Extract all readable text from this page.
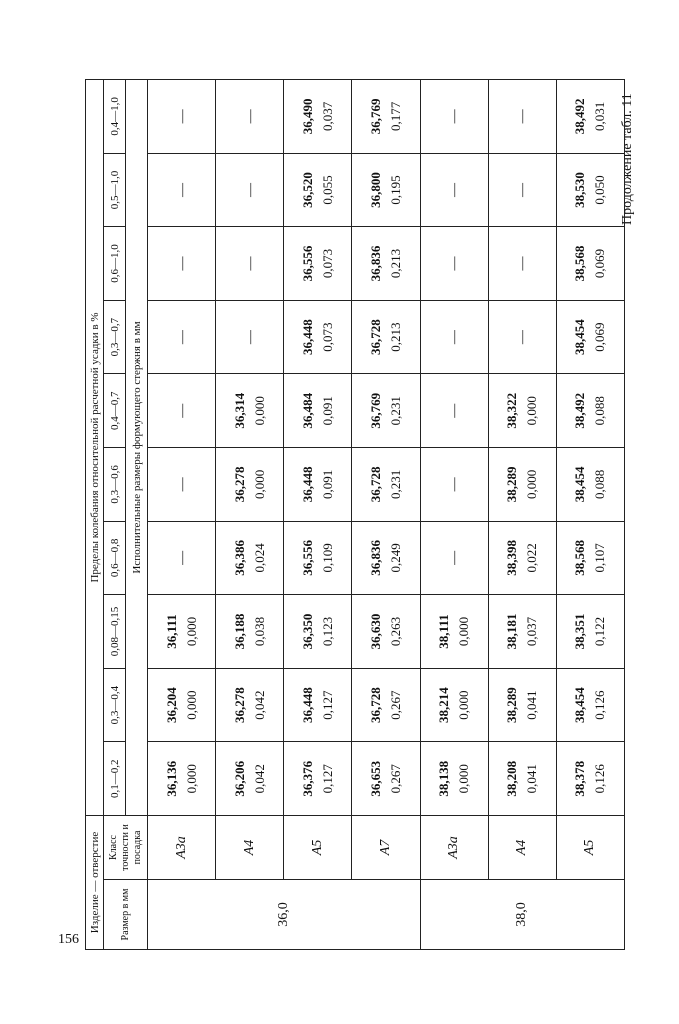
156
Продолжение табл. 11
Изделие — отверстие		Пределы колебания относительной расчетной усадки в %									
Размер в мм	Класс точности и посадка	0,1—0,2	0,3—0,4	0,08—0,15	0,6—0,8	0,3—0,6	0,4—0,7	0,3—0,7	0,6—1,0	0,5—1,0	0,4—1,0
		Исполнительные размеры формующего стержня в мм									
36,0	A3a	36,136 0,000	36,204 0,000	36,111 0,000	—	—	—	—	—	—	—
	A4	36,206 0,042	36,278 0,042	36,188 0,038	36,386 0,024	36,278 0,000	36,314 0,000	—	—	—	—
	A5	36,376 0,127	36,448 0,127	36,350 0,123	36,556 0,109	36,448 0,091	36,484 0,091	36,448 0,073	36,556 0,073	36,520 0,055	36,490 0,037

	A7	36,653 0,267	36,728 0,267	36,630 0,263	36,836 0,249	36,728 0,231	36,769 0,231	36,728 0,213	36,836 0,213	36,800 0,195	36,769 0,177

38,0	A3a	38,138 0,000	38,214 0,000	38,111 0,000	—	—	—	—	—	—	—
	A4	38,208 0,041	38,289 0,041	38,181 0,037	38,398 0,022	38,289 0,000	38,322 0,000	—	—	—	—
	A5	38,378 0,126	38,454 0,126	38,351 0,122	38,568 0,107	38,454 0,088	38,492 0,088	38,454 0,069	38,568 0,069	38,530 0,050	38,492 0,031
